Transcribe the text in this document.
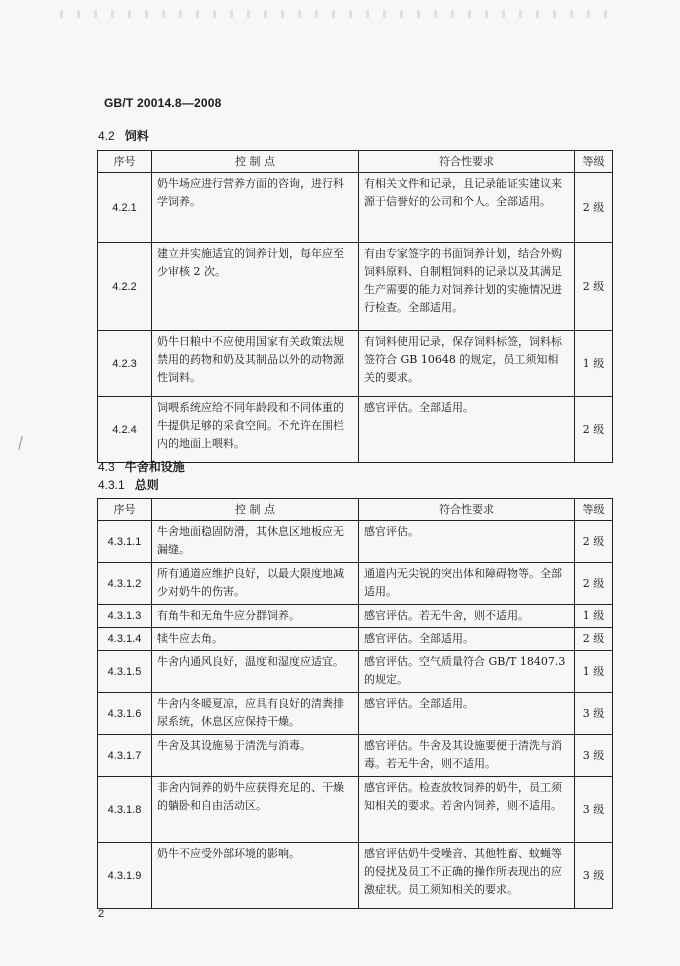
GB/T 20014.8—2008
4.2 饲料
序号	控 制 点	符合性要求	等级
4.2.1	奶牛场应进行营养方面的咨询，进行科学饲养。	有相关文件和记录，且记录能证实建议来源于信誉好的公司和个人。全部适用。	2 级
4.2.2	建立并实施适宜的饲养计划，每年应至少审核 2 次。	有由专家签字的书面饲养计划，结合外购饲料原料、自制粗饲料的记录以及其满足生产需要的能力对饲养计划的实施情况进行检查。全部适用。	2 级
4.2.3	奶牛日粮中不应使用国家有关政策法规禁用的药物和奶及其制品以外的动物源性饲料。	有饲料使用记录，保存饲料标签，饲料标签符合 GB 10648 的规定，员工须知相关的要求。	1 级
4.2.4	饲喂系统应给不同年龄段和不同体重的牛提供足够的采食空间。不允许在围栏内的地面上喂料。	感官评估。全部适用。	2 级
4.3 牛舍和设施
4.3.1 总则
序号	控 制 点	符合性要求	等级
4.3.1.1	牛舍地面稳固防滑，其休息区地板应无漏缝。	感官评估。	2 级
4.3.1.2	所有通道应维护良好，以最大限度地减少对奶牛的伤害。	通道内无尖锐的突出体和障碍物等。全部适用。	2 级
4.3.1.3	有角牛和无角牛应分群饲养。	感官评估。若无牛舍，则不适用。	1 级
4.3.1.4	犊牛应去角。	感官评估。全部适用。	2 级
4.3.1.5	牛舍内通风良好，温度和湿度应适宜。	感官评估。空气质量符合 GB/T 18407.3 的规定。	1 级
4.3.1.6	牛舍内冬暖夏凉，应具有良好的清粪排尿系统，休息区应保持干燥。	感官评估。全部适用。	3 级
4.3.1.7	牛舍及其设施易于清洗与消毒。	感官评估。牛舍及其设施要便于清洗与消毒。若无牛舍，则不适用。	3 级
4.3.1.8	非舍内饲养的奶牛应获得充足的、干燥的躺卧和自由活动区。	感官评估。检查放牧饲养的奶牛，员工须知相关的要求。若舍内饲养，则不适用。	3 级
4.3.1.9	奶牛不应受外部环境的影响。	感官评估奶牛受噪音、其他牲畜、蚊蝇等的侵扰及员工不正确的操作所表现出的应激症状。员工须知相关的要求。	3 级
2
